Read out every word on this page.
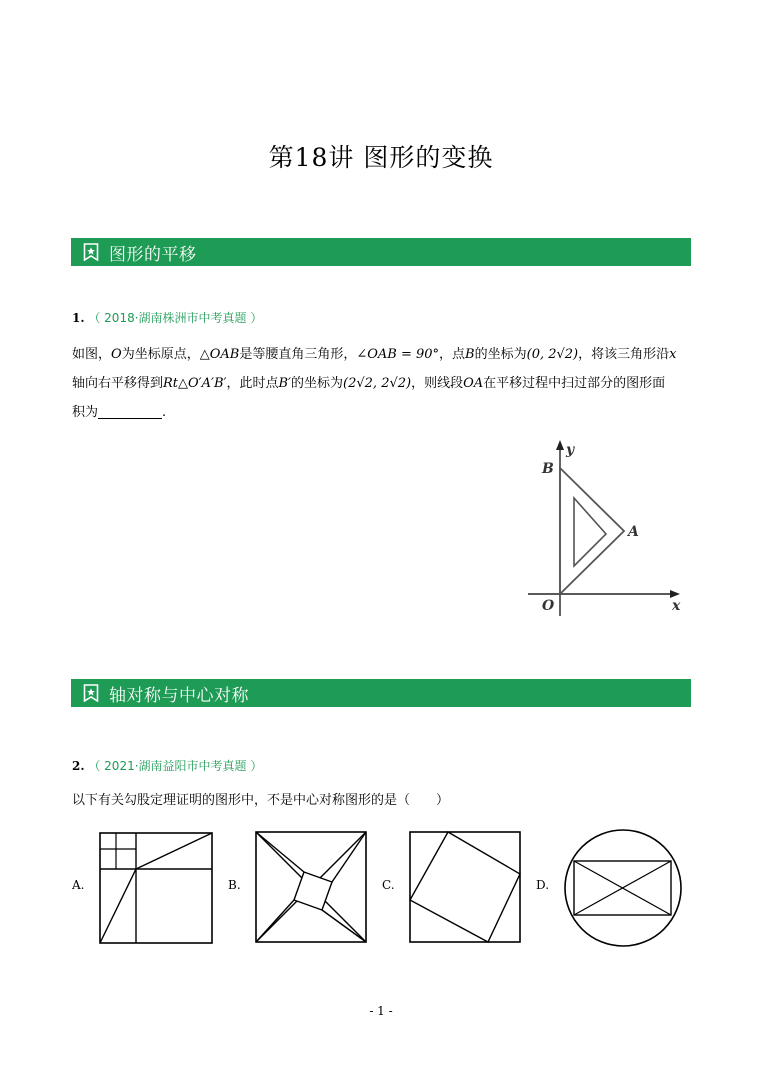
第18讲 图形的变换
图形的平移
1. （ 2018·湖南株洲市中考真题 ）
如图，O为坐标原点，△OAB是等腰直角三角形，∠OAB = 90°，点B的坐标为(0, 2√2)，将该三角形沿x
轴向右平移得到Rt△O′A′B′，此时点B′的坐标为(2√2, 2√2)，则线段OA在平移过程中扫过部分的图形面
积为	.
B
A
O	x
y
轴对称与中心对称
2. （ 2021·湖南益阳市中考真题 ）
以下有关勾股定理证明的图形中，不是中心对称图形的是（　　）
A.	B.	C.	D.
- 1 -
